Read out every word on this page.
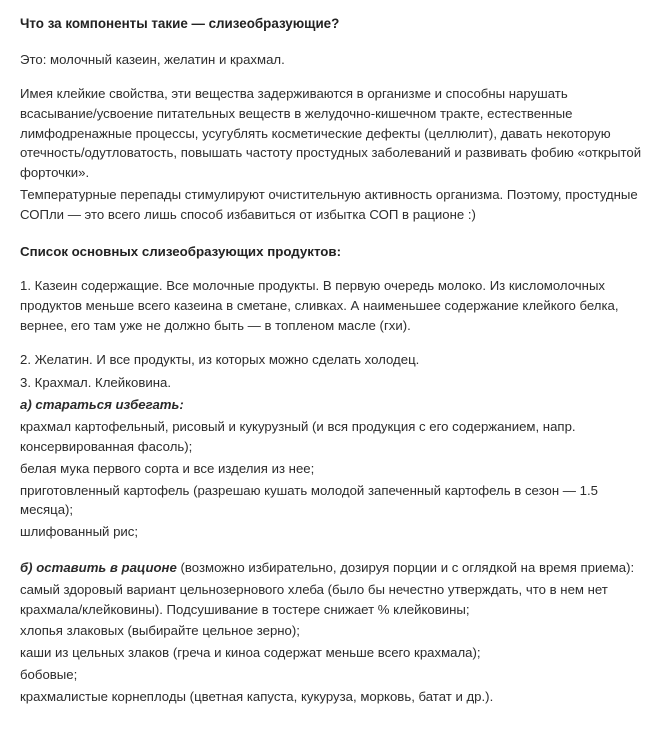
Что за компоненты такие — слизеобразующие?

Это: молочный казеин, желатин и крахмал.

Имея клейкие свойства, эти вещества задерживаются в организме и способны нарушать всасывание/усвоение питательных веществ в желудочно-кишечном тракте, естественные лимфодренажные процессы, усугублять косметические дефекты (целлюлит), давать некоторую отечность/одутловатость, повышать частоту простудных заболеваний и развивать фобию «открытой форточки».

Температурные перепады стимулируют очистительную активность организма. Поэтому, простудные СОПли — это всего лишь способ избавиться от избытка СОП в рационе :)

Список основных слизеобразующих продуктов:

1. Казеин содержащие. Все молочные продукты. В первую очередь молоко. Из кисломолочных продуктов меньше всего казеина в сметане, сливках. А наименьшее содержание клейкого белка, вернее, его там уже не должно быть — в топленом масле (гхи).

2. Желатин. И все продукты, из которых можно сделать холодец.

3. Крахмал. Клейковина.

а) стараться избегать:

крахмал картофельный, рисовый и кукурузный (и вся продукция с его содержанием, напр. консервированная фасоль);

белая мука первого сорта и все изделия из нее;

приготовленный картофель (разрешаю кушать молодой запеченный картофель в сезон — 1.5 месяца);

шлифованный рис;

б) оставить в рационе (возможно избирательно, дозируя порции и с оглядкой на время приема):

самый здоровый вариант цельнозернового хлеба (было бы нечестно утверждать, что в нем нет крахмала/клейковины). Подсушивание в тостере снижает % клейковины;

хлопья злаковых (выбирайте цельное зерно);

каши из цельных злаков (греча и киноа содержат меньше всего крахмала);

бобовые;

крахмалистые корнеплоды (цветная капуста, кукуруза, морковь, батат и др.).
